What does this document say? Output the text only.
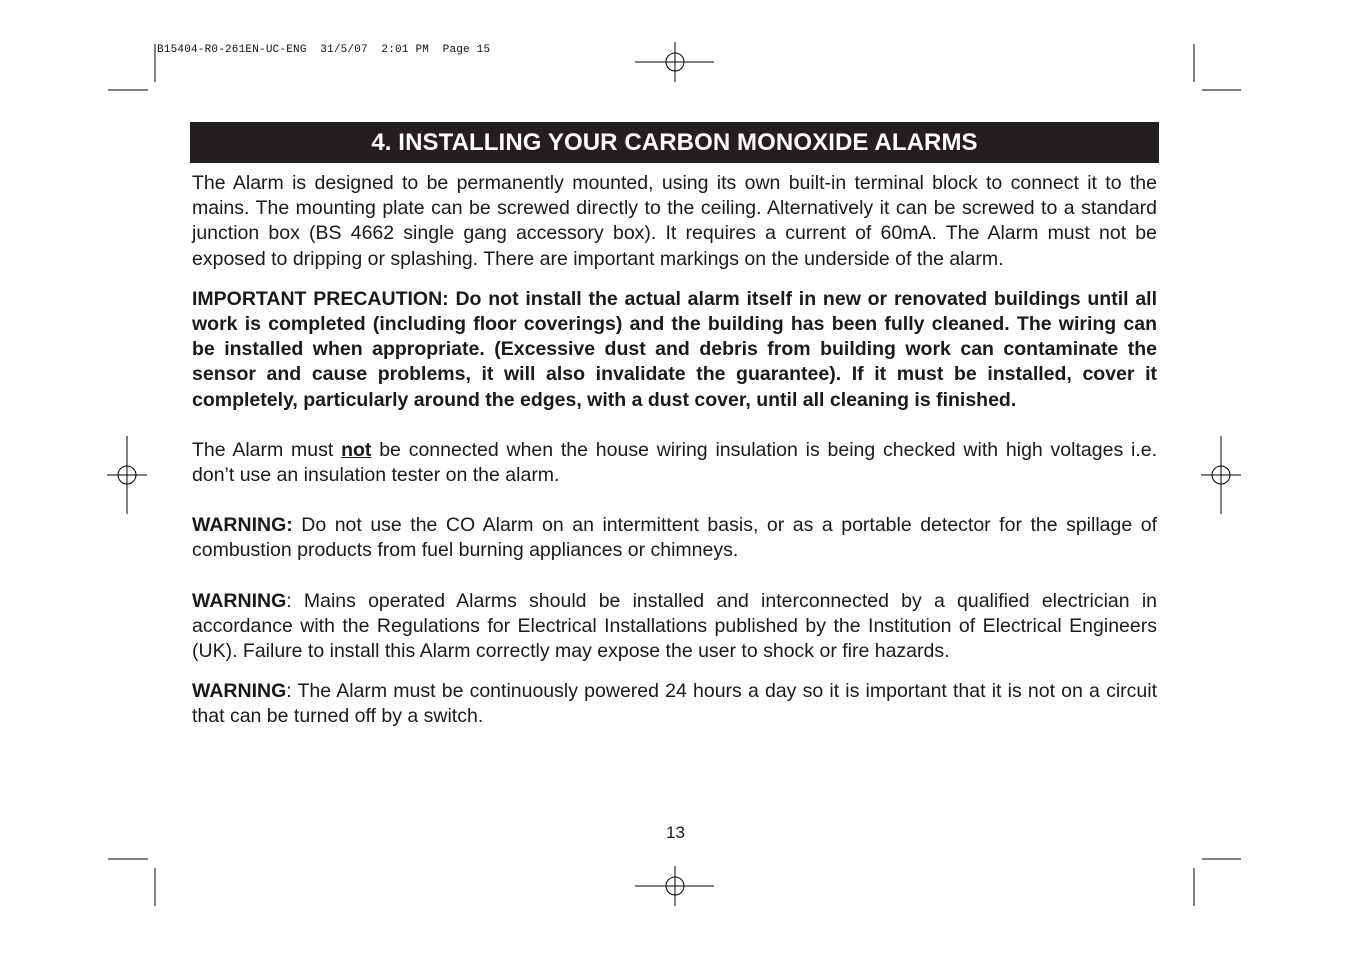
B15404-R0-261EN-UC-ENG  31/5/07  2:01 PM  Page 15
4. INSTALLING YOUR CARBON MONOXIDE ALARMS

The Alarm is designed to be permanently mounted, using its own built-in terminal block to connect it to the mains. The mounting plate can be screwed directly to the ceiling. Alternatively it can be screwed to a standard junction box (BS 4662 single gang accessory box). It requires a current of 60mA. The Alarm must not be exposed to dripping or splashing. There are important markings on the underside of the alarm.

IMPORTANT PRECAUTION: Do not install the actual alarm itself in new or renovated buildings until all work is completed (including floor coverings) and the building has been fully cleaned. The wiring can be installed when appropriate. (Excessive dust and debris from building work can contaminate the sensor and cause problems, it will also invalidate the guarantee). If it must be installed, cover it completely, particularly around the edges, with a dust cover, until all cleaning is finished.

The Alarm must not be connected when the house wiring insulation is being checked with high voltages i.e. don’t use an insulation tester on the alarm.

WARNING: Do not use the CO Alarm on an intermittent basis, or as a portable detector for the spillage of combustion products from fuel burning appliances or chimneys.

WARNING: Mains operated Alarms should be installed and interconnected by a qualified electrician in accordance with the Regulations for Electrical Installations published by the Institution of Electrical Engineers (UK). Failure to install this Alarm correctly may expose the user to shock or fire hazards.

WARNING: The Alarm must be continuously powered 24 hours a day so it is important that it is not on a circuit that can be turned off by a switch.

13
